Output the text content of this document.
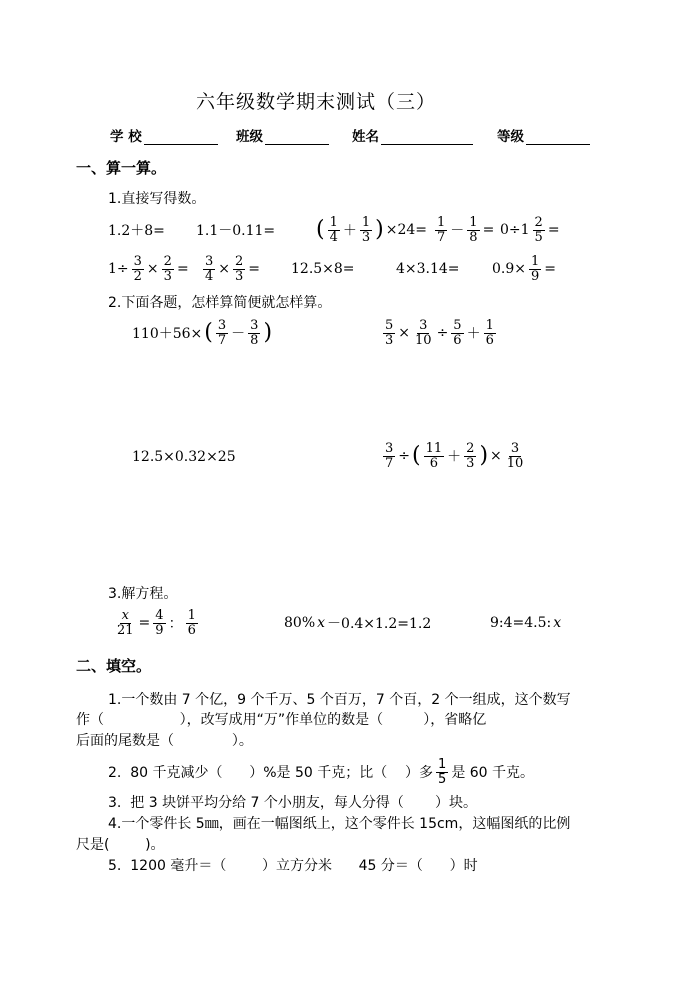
六年级数学期末测试（三）
学 校	班级	姓名	等级
一、算一算。
1.直接写得数。
1.2＋8= 1.1－0.11= ( $\frac{1}{4} + \frac{1}{3}$ ) $\times 24= \frac{1}{7} - \frac{1}{8} = 0\div 1 \frac{2}{5}$ =
$1\div \frac{3}{2} \times \frac{2}{3} = \frac{3}{4} \times \frac{2}{3} = 12.5\times 8=$	$4\times 3.14= 0.9\times \frac{1}{9}$ =
2.下面各题，怎样算简便就怎样算。
110＋56× ( $\frac{3}{7} - \frac{3}{8}$ )	$\frac{5}{3} \times \frac{3}{10} \div \frac{5}{6} + \frac{1}{6}$
12.5×0.32×25	$\frac{3}{7}$ ÷ ( $\frac{11}{6} + \frac{2}{3}$ ) × $\frac{3}{10}$
3.解方程。
$\frac{x}{21} = \frac{4}{9}$ ： $\frac{1}{6}$	80% x －0.4×1.2=1.2	9:4=4.5: x
二、填空。
1.一个数由 7 个亿，9 个千万、5 个百万，7 个百，2 个一组成，这个数写
作（                 ），改写成用“万”作单位的数是（         ），省略亿
后面的尾数是（             ）。
2.  80 千克减少（      ）%是 50 千克；比（    ）多 $\frac{1}{5}$ 是 60 千克。
3.  把 3 块饼平均分给 7 个小朋友，每人分得（       ）块。
4.一个零件长 5㎜，画在一幅图纸上，这个零件长 15cm，这幅图纸的比例
尺是(        )。
5.  1200 毫升＝（        ）立方分米      45 分＝（      ）时
